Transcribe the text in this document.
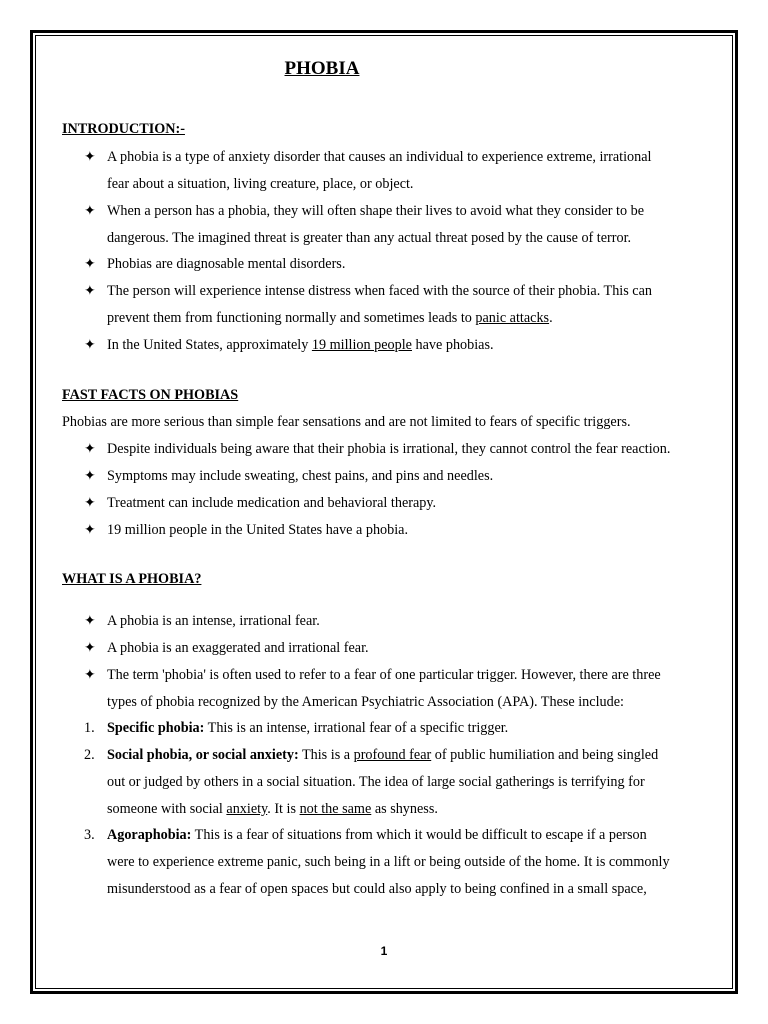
PHOBIA
INTRODUCTION:-
✦ A phobia is a type of anxiety disorder that causes an individual to experience extreme, irrational
fear about a situation, living creature, place, or object.
✦ When a person has a phobia, they will often shape their lives to avoid what they consider to be
dangerous. The imagined threat is greater than any actual threat posed by the cause of terror.
✦ Phobias are diagnosable mental disorders.
✦ The person will experience intense distress when faced with the source of their phobia. This can
prevent them from functioning normally and sometimes leads to panic attacks.
✦ In the United States, approximately 19 million people have phobias.
FAST FACTS ON PHOBIAS
Phobias are more serious than simple fear sensations and are not limited to fears of specific triggers.
✦ Despite individuals being aware that their phobia is irrational, they cannot control the fear reaction.
✦ Symptoms may include sweating, chest pains, and pins and needles.
✦ Treatment can include medication and behavioral therapy.
✦ 19 million people in the United States have a phobia.
WHAT IS A PHOBIA?
✦ A phobia is an intense, irrational fear.
✦ A phobia is an exaggerated and irrational fear.
✦ The term 'phobia' is often used to refer to a fear of one particular trigger. However, there are three
types of phobia recognized by the American Psychiatric Association (APA). These include:
1. Specific phobia: This is an intense, irrational fear of a specific trigger.
2. Social phobia, or social anxiety: This is a profound fear of public humiliation and being singled
out or judged by others in a social situation. The idea of large social gatherings is terrifying for
someone with social anxiety. It is not the same as shyness.
3. Agoraphobia: This is a fear of situations from which it would be difficult to escape if a person
were to experience extreme panic, such being in a lift or being outside of the home. It is commonly
misunderstood as a fear of open spaces but could also apply to being confined in a small space,
1
